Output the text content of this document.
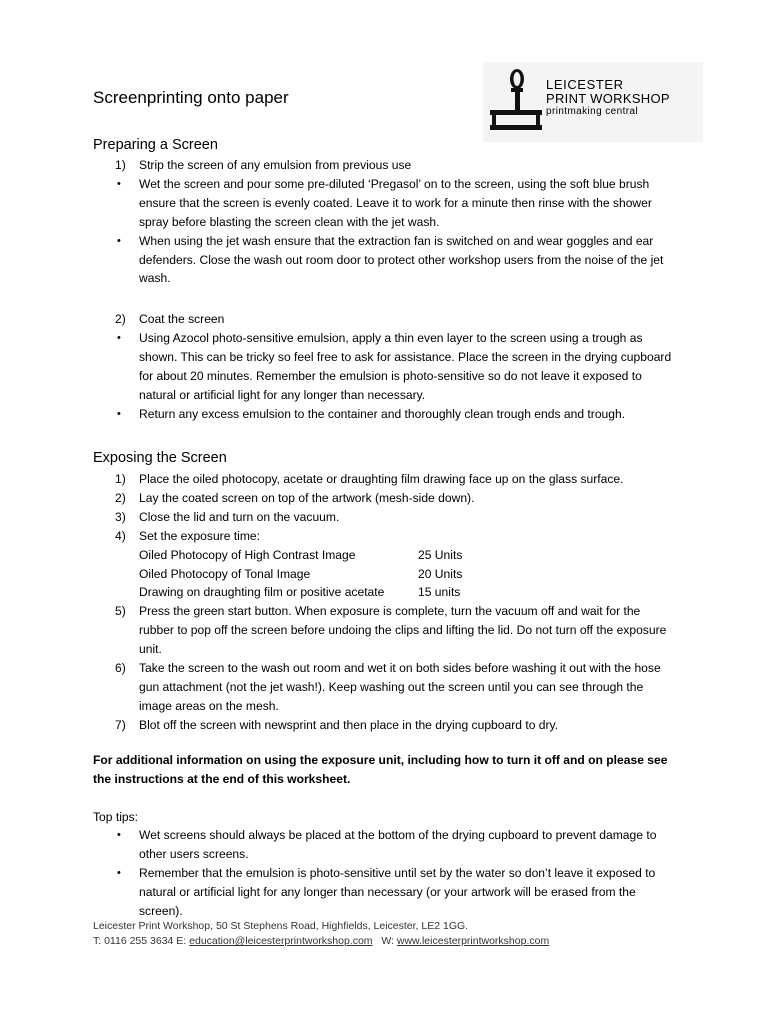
Screenprinting onto paper
LEICESTER
PRINT WORKSHOP
printmaking central
Preparing a Screen
1) Strip the screen of any emulsion from previous use
• Wet the screen and pour some pre-diluted ‘Pregasol’ on to the screen, using the soft blue brush ensure that the screen is evenly coated. Leave it to work for a minute then rinse with the shower spray before blasting the screen clean with the jet wash.
• When using the jet wash ensure that the extraction fan is switched on and wear goggles and ear defenders. Close the wash out room door to protect other workshop users from the noise of the jet wash.
2) Coat the screen
• Using Azocol photo-sensitive emulsion, apply a thin even layer to the screen using a trough as shown. This can be tricky so feel free to ask for assistance. Place the screen in the drying cupboard for about 20 minutes. Remember the emulsion is photo-sensitive so do not leave it exposed to natural or artificial light for any longer than necessary.
• Return any excess emulsion to the container and thoroughly clean trough ends and trough.
Exposing the Screen
1) Place the oiled photocopy, acetate or draughting film drawing face up on the glass surface.
2) Lay the coated screen on top of the artwork (mesh-side down).
3) Close the lid and turn on the vacuum.
4) Set the exposure time:
Oiled Photocopy of High Contrast Image	25 Units
Oiled Photocopy of Tonal Image	20 Units
Drawing on draughting film or positive acetate	15 units
5) Press the green start button. When exposure is complete, turn the vacuum off and wait for the rubber to pop off the screen before undoing the clips and lifting the lid. Do not turn off the exposure unit.
6) Take the screen to the wash out room and wet it on both sides before washing it out with the hose gun attachment (not the jet wash!). Keep washing out the screen until you can see through the image areas on the mesh.
7) Blot off the screen with newsprint and then place in the drying cupboard to dry.

For additional information on using the exposure unit, including how to turn it off and on please see the instructions at the end of this worksheet.

Top tips:

• Wet screens should always be placed at the bottom of the drying cupboard to prevent damage to other users screens.
• Remember that the emulsion is photo-sensitive until set by the water so don’t leave it exposed to natural or artificial light for any longer than necessary (or your artwork will be erased from the screen).
Leicester Print Workshop, 50 St Stephens Road, Highfields, Leicester, LE2 1GG.
T: 0116 255 3634 E: education@leicesterprintworkshop.com W: www.leicesterprintworkshop.com
